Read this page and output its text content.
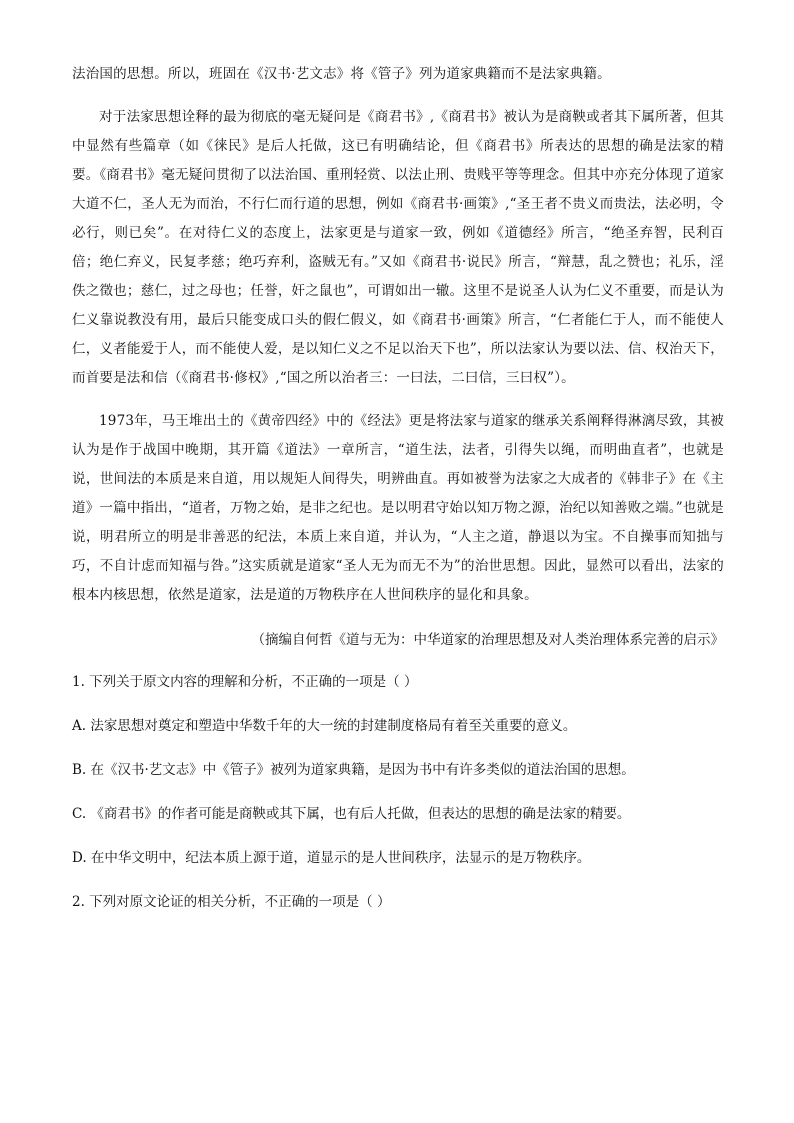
法治国的思想。所以，班固在《汉书·艺文志》将《管子》列为道家典籍而不是法家典籍。

对于法家思想诠释的最为彻底的毫无疑问是《商君书》,《商君书》被认为是商鞅或者其下属所著，但其中显然有些篇章（如《徕民》是后人托做，这已有明确结论，但《商君书》所表达的思想的确是法家的精要。《商君书》毫无疑问贯彻了以法治国、重刑轻赏、以法止刑、贵贱平等等理念。但其中亦充分体现了道家大道不仁，圣人无为而治，不行仁而行道的思想，例如《商君书·画策》,“圣王者不贵义而贵法，法必明，令必行，则已矣”。在对待仁义的态度上，法家更是与道家一致，例如《道德经》所言，“绝圣弃智，民利百倍；绝仁弃义，民复孝慈；绝巧弃利，盗贼无有。”又如《商君书·说民》所言，“辩慧，乱之赞也；礼乐，淫佚之徵也；慈仁，过之母也；任誉，奸之鼠也”，可谓如出一辙。这里不是说圣人认为仁义不重要，而是认为仁义靠说教没有用，最后只能变成口头的假仁假义，如《商君书·画策》所言，“仁者能仁于人，而不能使人仁，义者能爱于人，而不能使人爱，是以知仁义之不足以治天下也”，所以法家认为要以法、信、权治天下，而首要是法和信（《商君书·修权》,“国之所以治者三：一曰法，二曰信，三曰权”）。

1973年，马王堆出土的《黄帝四经》中的《经法》更是将法家与道家的继承关系阐释得淋漓尽致，其被认为是作于战国中晚期，其开篇《道法》一章所言，“道生法，法者，引得失以绳，而明曲直者”，也就是说，世间法的本质是来自道，用以规矩人间得失，明辨曲直。再如被誉为法家之大成者的《韩非子》在《主道》一篇中指出，“道者，万物之始，是非之纪也。是以明君守始以知万物之源，治纪以知善败之端。”也就是说，明君所立的明是非善恶的纪法，本质上来自道，并认为，“人主之道，静退以为宝。不自操事而知拙与巧，不自计虑而知福与咎。”这实质就是道家“圣人无为而无不为”的治世思想。因此，显然可以看出，法家的根本内核思想，依然是道家，法是道的万物秩序在人世间秩序的显化和具象。

（摘编自何哲《道与无为：中华道家的治理思想及对人类治理体系完善的启示》

1. 下列关于原文内容的理解和分析，不正确的一项是（ ）

A. 法家思想对奠定和塑造中华数千年的大一统的封建制度格局有着至关重要的意义。

B. 在《汉书·艺文志》中《管子》被列为道家典籍，是因为书中有许多类似的道法治国的思想。

C. 《商君书》的作者可能是商鞅或其下属，也有后人托做，但表达的思想的确是法家的精要。

D. 在中华文明中，纪法本质上源于道，道显示的是人世间秩序，法显示的是万物秩序。

2. 下列对原文论证的相关分析，不正确的一项是（ ）
